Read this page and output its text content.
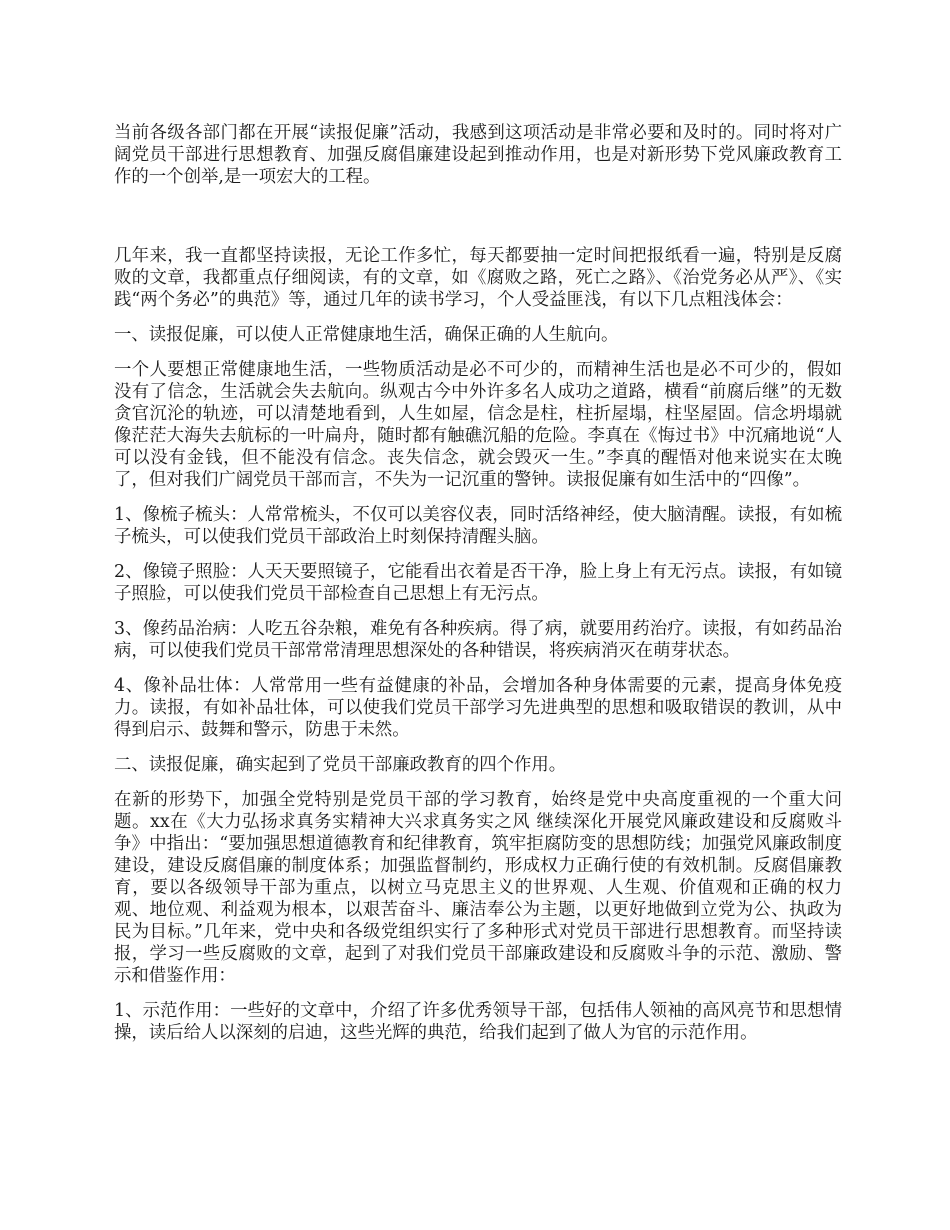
当前各级各部门都在开展“读报促廉”活动，我感到这项活动是非常必要和及时的。同时将对广阔党员干部进行思想教育、加强反腐倡廉建设起到推动作用，也是对新形势下党风廉政教育工作的一个创举,是一项宏大的工程。

几年来，我一直都坚持读报，无论工作多忙，每天都要抽一定时间把报纸看一遍，特别是反腐败的文章，我都重点仔细阅读，有的文章，如《腐败之路，死亡之路》、《治党务必从严》、《实践“两个务必”的典范》等，通过几年的读书学习，个人受益匪浅，有以下几点粗浅体会：

一、读报促廉，可以使人正常健康地生活，确保正确的人生航向。

一个人要想正常健康地生活，一些物质活动是必不可少的，而精神生活也是必不可少的，假如没有了信念，生活就会失去航向。纵观古今中外许多名人成功之道路，横看“前腐后继”的无数贪官沉沦的轨迹，可以清楚地看到，人生如屋，信念是柱，柱折屋塌，柱坚屋固。信念坍塌就像茫茫大海失去航标的一叶扁舟，随时都有触礁沉船的危险。李真在《悔过书》中沉痛地说“人可以没有金钱，但不能没有信念。丧失信念，就会毁灭一生。”李真的醒悟对他来说实在太晚了，但对我们广阔党员干部而言，不失为一记沉重的警钟。读报促廉有如生活中的“四像”。

1、像梳子梳头：人常常梳头，不仅可以美容仪表，同时活络神经，使大脑清醒。读报，有如梳子梳头，可以使我们党员干部政治上时刻保持清醒头脑。

2、像镜子照脸：人天天要照镜子，它能看出衣着是否干净，脸上身上有无污点。读报，有如镜子照脸，可以使我们党员干部检查自己思想上有无污点。

3、像药品治病：人吃五谷杂粮，难免有各种疾病。得了病，就要用药治疗。读报，有如药品治病，可以使我们党员干部常常清理思想深处的各种错误，将疾病消灭在萌芽状态。

4、像补品壮体：人常常用一些有益健康的补品，会增加各种身体需要的元素，提高身体免疫力。读报，有如补品壮体，可以使我们党员干部学习先进典型的思想和吸取错误的教训，从中得到启示、鼓舞和警示，防患于未然。

二、读报促廉，确实起到了党员干部廉政教育的四个作用。

在新的形势下，加强全党特别是党员干部的学习教育，始终是党中央高度重视的一个重大问题。xx在《大力弘扬求真务实精神大兴求真务实之风 继续深化开展党风廉政建设和反腐败斗争》中指出：“要加强思想道德教育和纪律教育，筑牢拒腐防变的思想防线；加强党风廉政制度建设，建设反腐倡廉的制度体系；加强监督制约，形成权力正确行使的有效机制。反腐倡廉教育，要以各级领导干部为重点，以树立马克思主义的世界观、人生观、价值观和正确的权力观、地位观、利益观为根本，以艰苦奋斗、廉洁奉公为主题，以更好地做到立党为公、执政为民为目标。”几年来，党中央和各级党组织实行了多种形式对党员干部进行思想教育。而坚持读报，学习一些反腐败的文章，起到了对我们党员干部廉政建设和反腐败斗争的示范、激励、警示和借鉴作用：

1、示范作用：一些好的文章中，介绍了许多优秀领导干部，包括伟人领袖的高风亮节和思想情操，读后给人以深刻的启迪，这些光辉的典范，给我们起到了做人为官的示范作用。
